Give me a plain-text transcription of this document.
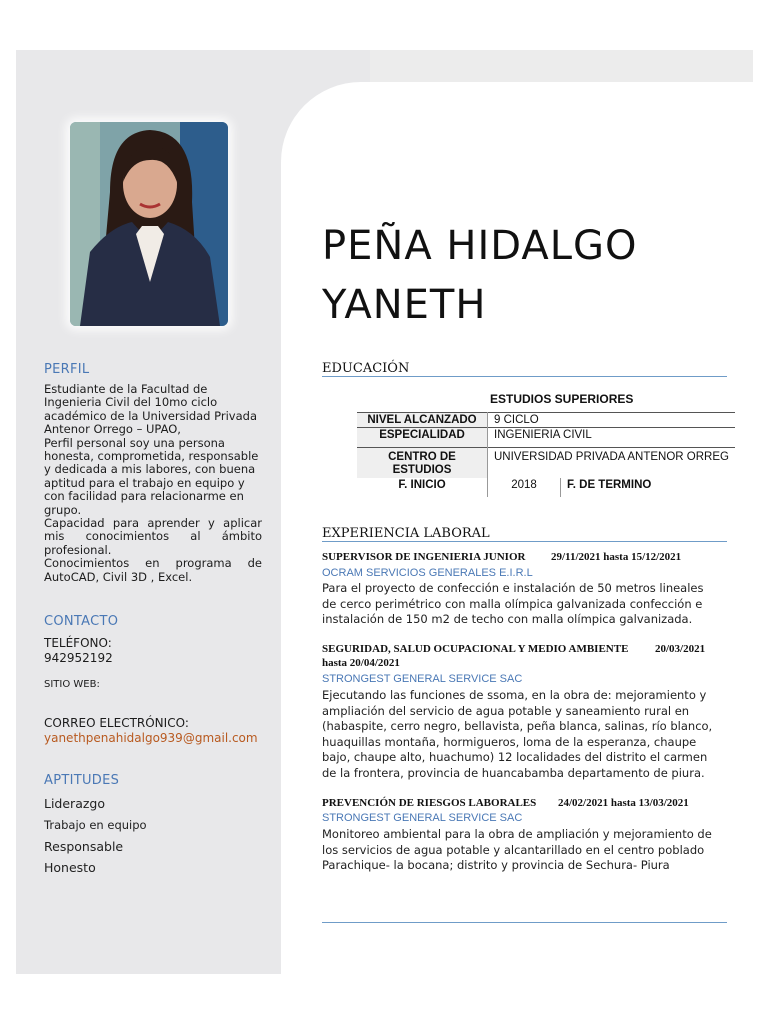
PERFIL

Estudiante de la Facultad de Ingenieria Civil del 10mo ciclo académico de la Universidad Privada Antenor Orrego – UPAO,

Perfil personal soy una persona honesta, comprometida, responsable y dedicada a mis labores, con buena aptitud para el trabajo en equipo y con facilidad para relacionarme en grupo.

Capacidad para aprender y aplicar mis conocimientos al ámbito profesional.

Conocimientos en programa de AutoCAD, Civil 3D , Excel.

CONTACTO

TELÉFONO:

942952192

SITIO WEB:

CORREO ELECTRÓNICO:

yanethpenahidalgo939@gmail.com

APTITUDES
Liderazgo
Trabajo en equipo
Responsable
Honesto
PEÑA HIDALGO
YANETH
EDUCACIÓN
ESTUDIOS SUPERIORES
NIVEL ALCANZADO	9 CICLO		
ESPECIALIDAD	INGENIERIA CIVIL		
CENTRO DE ESTUDIOS	UNIVERSIDAD PRIVADA ANTENOR ORREG		
F. INICIO	2018	F. DE TERMINO	
EXPERIENCIA LABORAL
SUPERVISOR DE INGENIERIA JUNIOR 29/11/2021 hasta 15/12/2021
OCRAM SERVICIOS GENERALES E.I.R.L
Para el proyecto de confección e instalación de 50 metros lineales de cerco perimétrico con malla olímpica galvanizada confección e instalación de 150 m2 de techo con malla olímpica galvanizada.
SEGURIDAD, SALUD OCUPACIONAL Y MEDIO AMBIENTE 20/03/2021
hasta 20/04/2021
STRONGEST GENERAL SERVICE SAC
Ejecutando las funciones de ssoma, en la obra de: mejoramiento y ampliación del servicio de agua potable y saneamiento rural en (habaspite, cerro negro, bellavista, peña blanca, salinas, río blanco, huaquillas montaña, hormigueros, loma de la esperanza, chaupe bajo, chaupe alto, huachumo) 12 localidades del distrito el carmen de la frontera, provincia de huancabamba departamento de piura.
PREVENCIÓN DE RIESGOS LABORALES 24/02/2021 hasta 13/03/2021
STRONGEST GENERAL SERVICE SAC
Monitoreo ambiental para la obra de ampliación y mejoramiento de los servicios de agua potable y alcantarillado en el centro poblado Parachique- la bocana; distrito y provincia de Sechura- Piura
